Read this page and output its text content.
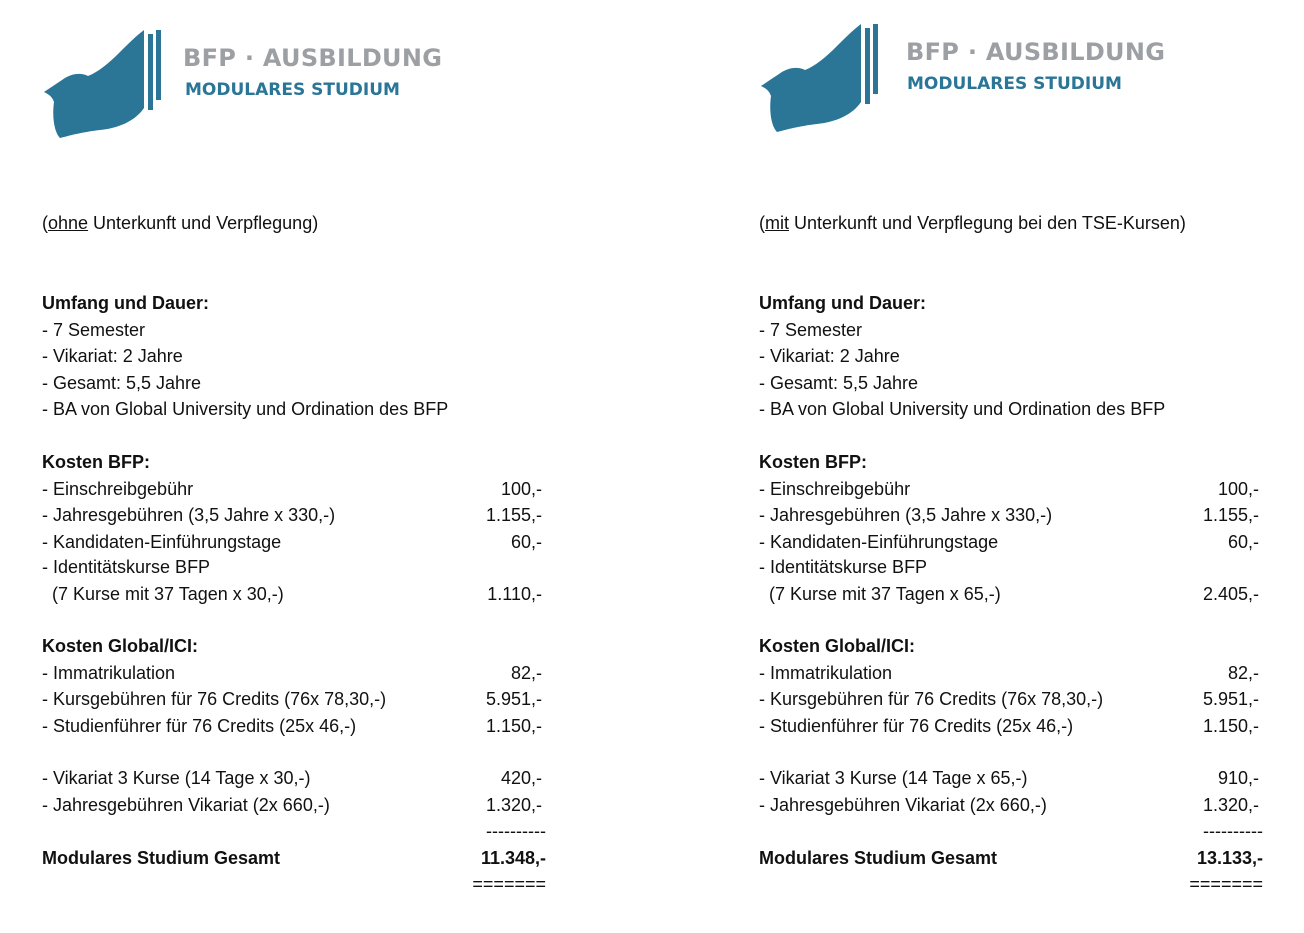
BFP · AUSBILDUNG
MODULARES STUDIUM
(ohne Unterkunft und Verpflegung)
Umfang und Dauer:
- 7 Semester
- Vikariat: 2 Jahre
- Gesamt: 5,5 Jahre
- BA von Global University und Ordination des BFP
Kosten BFP:
- Einschreibgebühr	100,-
- Jahresgebühren (3,5 Jahre x 330,-)	1.155,-
- Kandidaten-Einführungstage	60,-
- Identitätskurse BFP
(7 Kurse mit 37 Tagen x 30,-)	1.110,-
Kosten Global/ICI:
- Immatrikulation	82,-
- Kursgebühren für 76 Credits (76x 78,30,-)	5.951,-
- Studienführer für 76 Credits (25x 46,-)	1.150,-
- Vikariat 3 Kurse (14 Tage x 30,-)	420,-
- Jahresgebühren Vikariat (2x 660,-)	1.320,-
----------
Modulares Studium Gesamt	11.348,-
=======
BFP · AUSBILDUNG
MODULARES STUDIUM
(mit Unterkunft und Verpflegung bei den TSE-Kursen)
Umfang und Dauer:
- 7 Semester
- Vikariat: 2 Jahre
- Gesamt: 5,5 Jahre
- BA von Global University und Ordination des BFP
Kosten BFP:
- Einschreibgebühr	100,-
- Jahresgebühren (3,5 Jahre x 330,-)	1.155,-
- Kandidaten-Einführungstage	60,-
- Identitätskurse BFP
(7 Kurse mit 37 Tagen x 65,-)	2.405,-
Kosten Global/ICI:
- Immatrikulation	82,-
- Kursgebühren für 76 Credits (76x 78,30,-)	5.951,-
- Studienführer für 76 Credits (25x 46,-)	1.150,-
- Vikariat 3 Kurse (14 Tage x 65,-)	910,-
- Jahresgebühren Vikariat (2x 660,-)	1.320,-
----------
Modulares Studium Gesamt	13.133,-
=======
